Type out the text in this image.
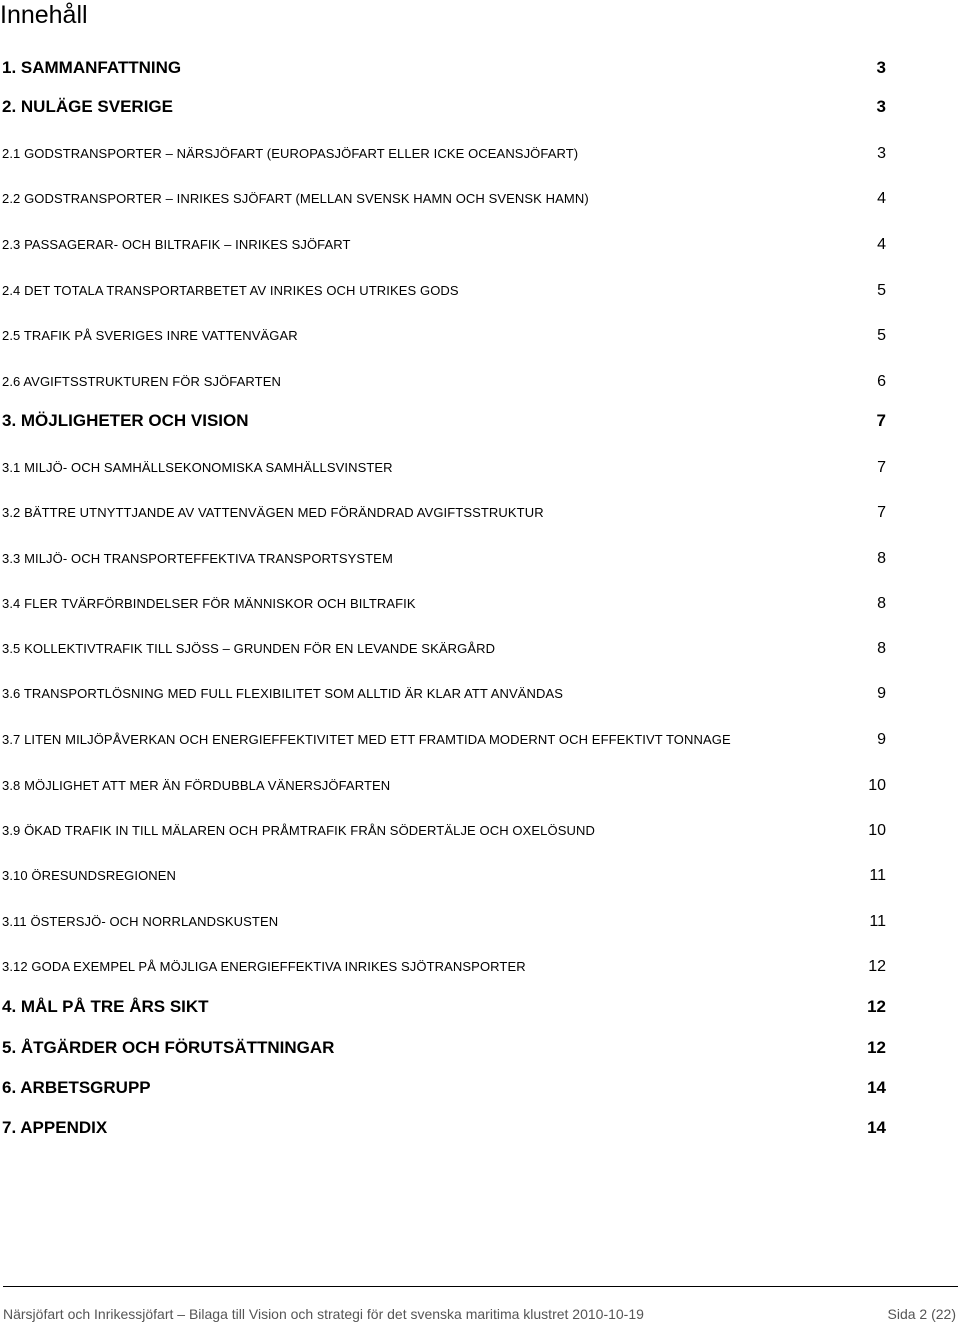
Innehåll
1. SAMMANFATTNING	3
2. NULÄGE SVERIGE	3
2.1 GODSTRANSPORTER – NÄRSJÖFART (EUROPASJÖFART ELLER ICKE OCEANSJÖFART)	3
2.2 GODSTRANSPORTER – INRIKES SJÖFART (MELLAN SVENSK HAMN OCH SVENSK HAMN)	4
2.3 PASSAGERAR- OCH BILTRAFIK – INRIKES SJÖFART	4
2.4 DET TOTALA TRANSPORTARBETET AV INRIKES OCH UTRIKES GODS	5
2.5 TRAFIK PÅ SVERIGES INRE VATTENVÄGAR	5
2.6 AVGIFTSSTRUKTUREN FÖR SJÖFARTEN	6
3. MÖJLIGHETER OCH VISION	7
3.1 MILJÖ- OCH SAMHÄLLSEKONOMISKA SAMHÄLLSVINSTER	7
3.2 BÄTTRE UTNYTTJANDE AV VATTENVÄGEN MED FÖRÄNDRAD AVGIFTSSTRUKTUR	7
3.3 MILJÖ- OCH TRANSPORTEFFEKTIVA TRANSPORTSYSTEM	8
3.4 FLER TVÄRFÖRBINDELSER FÖR MÄNNISKOR OCH BILTRAFIK	8
3.5 KOLLEKTIVTRAFIK TILL SJÖSS – GRUNDEN FÖR EN LEVANDE SKÄRGÅRD	8
3.6 TRANSPORTLÖSNING MED FULL FLEXIBILITET SOM ALLTID ÄR KLAR ATT ANVÄNDAS	9
3.7 LITEN MILJÖPÅVERKAN OCH ENERGIEFFEKTIVITET MED ETT FRAMTIDA MODERNT OCH EFFEKTIVT TONNAGE	9
3.8 MÖJLIGHET ATT MER ÄN FÖRDUBBLA VÄNERSJÖFARTEN	10
3.9 ÖKAD TRAFIK IN TILL MÄLAREN OCH PRÅMTRAFIK FRÅN SÖDERTÄLJE OCH OXELÖSUND	10
3.10 ÖRESUNDSREGIONEN	11
3.11 ÖSTERSJÖ- OCH NORRLANDSKUSTEN	11
3.12 GODA EXEMPEL PÅ MÖJLIGA ENERGIEFFEKTIVA INRIKES SJÖTRANSPORTER	12
4. MÅL PÅ TRE ÅRS SIKT	12
5. ÅTGÄRDER OCH FÖRUTSÄTTNINGAR	12
6. ARBETSGRUPP	14
7. APPENDIX	14
Närsjöfart och Inrikessjöfart – Bilaga till Vision och strategi för det svenska maritima klustret 2010-10-19	Sida 2 (22)
